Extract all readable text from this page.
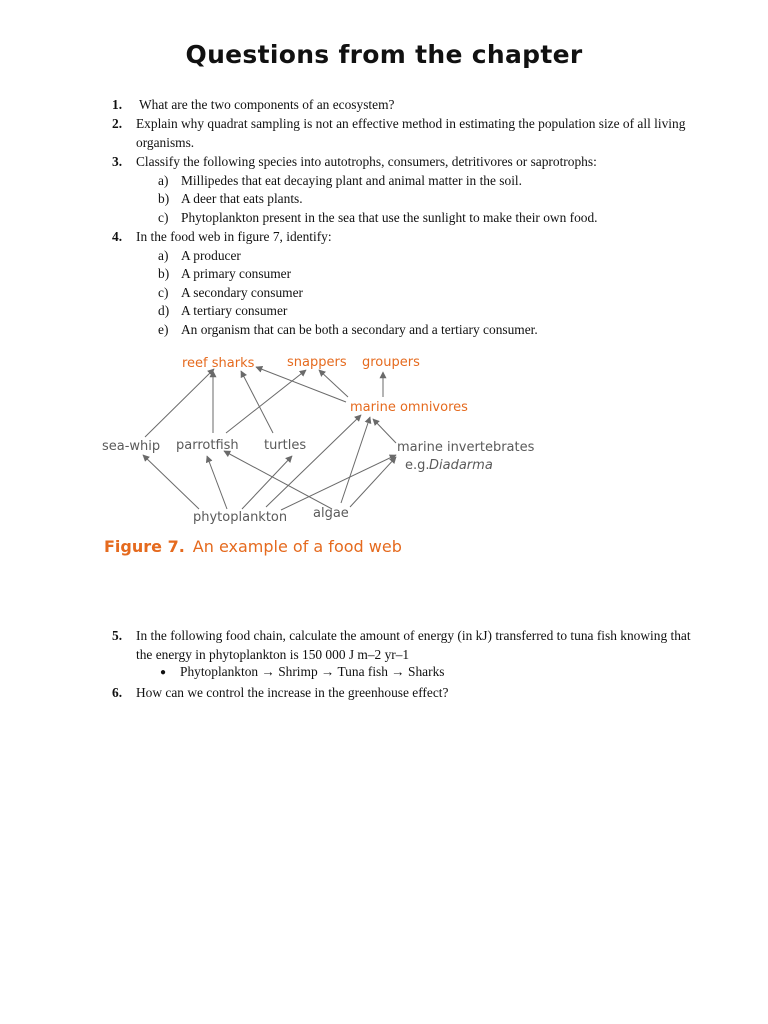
Questions from the chapter
1. What are the two components of an ecosystem?
2. Explain why quadrat sampling is not an effective method in estimating the population size of all living organisms.
3. Classify the following species into autotrophs, consumers, detritivores or saprotrophs:
a) Millipedes that eat decaying plant and animal matter in the soil.
b) A deer that eats plants.
c) Phytoplankton present in the sea that use the sunlight to make their own food.
4. In the food web in figure 7, identify:
a) A producer
b) A primary consumer
c) A secondary consumer
d) A tertiary consumer
e) An organism that can be both a secondary and a tertiary consumer.
reef sharks	snappers groupers
marine omnivores
sea-whip parrotfish turtles	marine invertebrates
e.g. Diadarma
phytoplankton algae
Figure 7. An example of a food web
5. In the following food chain, calculate the amount of energy (in kJ) transferred to tuna fish knowing that the energy in phytoplankton is 150 000 J m–2 yr–1
● Phytoplankton → Shrimp → Tuna fish → Sharks
6. How can we control the increase in the greenhouse effect?
